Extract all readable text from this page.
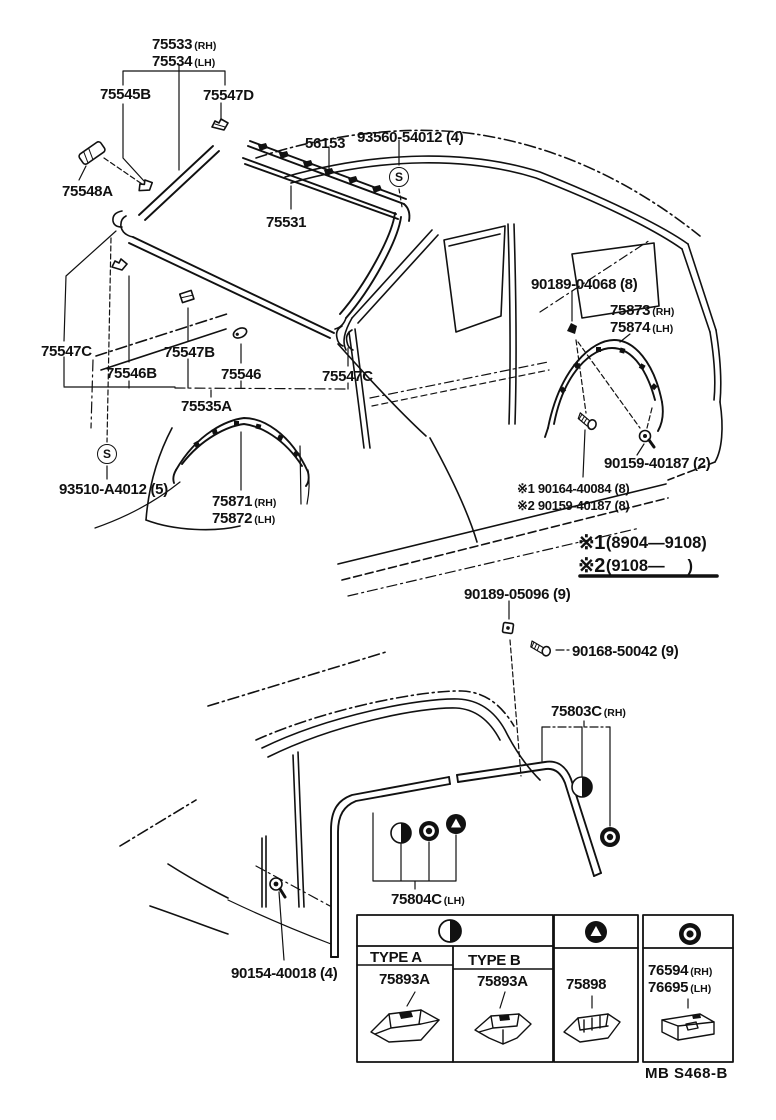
75533 (RH)
75534 (LH)
75545B	75547D
75548A
56153 93560-54012 (4)
75531
75547C
75546B
75547B
75546	75547C
75535A
93510-A4012 (5)
75871 (RH)
75872 (LH)
90189-04068 (8)
75873 (RH)
75874 (LH)
90159-40187 (2)
※1 90164-40084 (8)
※2 90159-40187 (8)
※1(8904—9108)
※2(9108—     )
90189-05096 (9)
90168-50042 (9)
75803C (RH)
75804C (LH)
90154-40018 (4)
S
S
TYPE A	TYPE B
75893A	75893A	75898
76594 (RH)
76695 (LH)
MB S468-B
